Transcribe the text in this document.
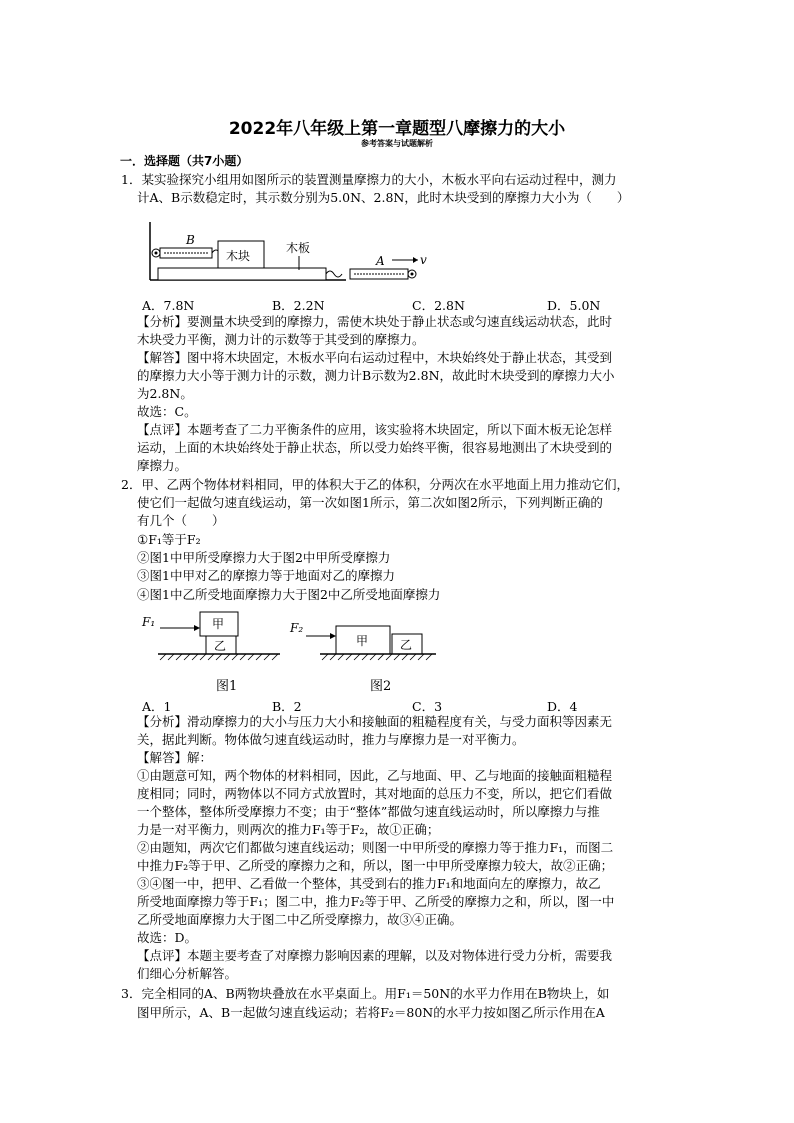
2022年八年级上第一章题型八摩擦力的大小
参考答案与试题解析
一．选择题（共7小题）
1．某实验探究小组用如图所示的装置测量摩擦力的大小，木板水平向右运动过程中，测力
计A、B示数稳定时，其示数分别为5.0N、2.8N，此时木块受到的摩擦力大小为（　　）
B
木块
木板
A	v
A．7.8N	B．2.2N	C．2.8N	D．5.0N
【分析】要测量木块受到的摩擦力，需使木块处于静止状态或匀速直线运动状态，此时
木块受力平衡，测力计的示数等于其受到的摩擦力。
【解答】图中将木块固定，木板水平向右运动过程中，木块始终处于静止状态，其受到
的摩擦力大小等于测力计的示数，测力计B示数为2.8N，故此时木块受到的摩擦力大小
为2.8N。
故选：C。
【点评】本题考查了二力平衡条件的应用，该实验将木块固定，所以下面木板无论怎样
运动，上面的木块始终处于静止状态，所以受力始终平衡，很容易地测出了木块受到的
摩擦力。
2．甲、乙两个物体材料相同，甲的体积大于乙的体积，分两次在水平地面上用力推动它们，
使它们一起做匀速直线运动，第一次如图1所示，第二次如图2所示，下列判断正确的
有几个（　　）
①F₁等于F₂
②图1中甲所受摩擦力大于图2中甲所受摩擦力
③图1中甲对乙的摩擦力等于地面对乙的摩擦力
④图1中乙所受地面摩擦力大于图2中乙所受地面摩擦力
F₁	甲
乙
图1
F₂
甲	乙
图2
A．1	B．2	C．3	D．4
【分析】滑动摩擦力的大小与压力大小和接触面的粗糙程度有关，与受力面积等因素无
关，据此判断。物体做匀速直线运动时，推力与摩擦力是一对平衡力。
【解答】解：
①由题意可知，两个物体的材料相同，因此，乙与地面、甲、乙与地面的接触面粗糙程
度相同；同时，两物体以不同方式放置时，其对地面的总压力不变，所以，把它们看做
一个整体，整体所受摩擦力不变；由于“整体”都做匀速直线运动时，所以摩擦力与推
力是一对平衡力，则两次的推力F₁等于F₂，故①正确；
②由题知，两次它们都做匀速直线运动；则图一中甲所受的摩擦力等于推力F₁，而图二
中推力F₂等于甲、乙所受的摩擦力之和，所以，图一中甲所受摩擦力较大，故②正确；
③④图一中，把甲、乙看做一个整体，其受到右的推力F₁和地面向左的摩擦力，故乙
所受地面摩擦力等于F₁；图二中，推力F₂等于甲、乙所受的摩擦力之和，所以，图一中
乙所受地面摩擦力大于图二中乙所受摩擦力，故③④正确。
故选：D。
【点评】本题主要考查了对摩擦力影响因素的理解，以及对物体进行受力分析，需要我
们细心分析解答。
3．完全相同的A、B两物块叠放在水平桌面上。用F₁＝50N的水平力作用在B物块上，如
图甲所示，A、B一起做匀速直线运动；若将F₂＝80N的水平力按如图乙所示作用在A
